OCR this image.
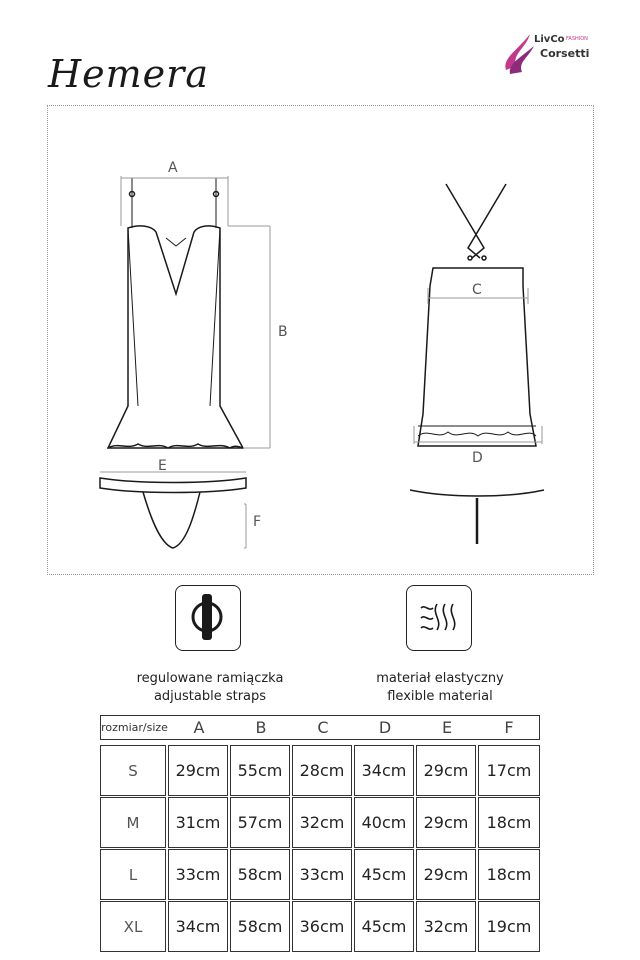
Hemera
LivCo FASHION
Corsetti
A
B
C
D
E
F
regulowane ramiączka
adjustable straps
materiał elastyczny
flexible material
rozmiar/size	A	B	C	D	E	F
S	29cm	55cm	28cm	34cm	29cm	17cm
M	31cm	57cm	32cm	40cm	29cm	18cm
L	33cm	58cm	33cm	45cm	29cm	18cm
XL	34cm	58cm	36cm	45cm	32cm	19cm
